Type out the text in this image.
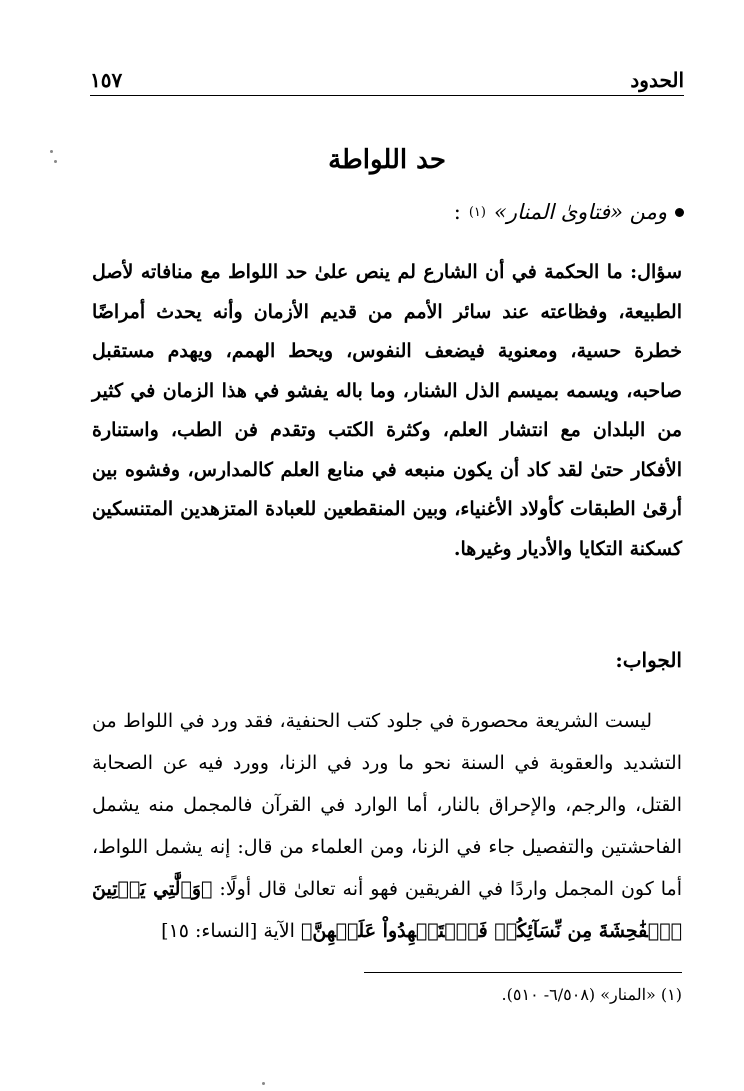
الحدود
١٥٧
حد اللواطة
ومن «فتاوىٰ المنار»
(١)
:
سؤال: ما الحكمة في أن الشارع لم ينص علىٰ حد اللواط مع منافاته لأصل الطبيعة، وفظاعته عند سائر الأمم من قديم الأزمان وأنه يحدث أمراضًا خطرة حسية، ومعنوية فيضعف النفوس، ويحط الهمم، ويهدم مستقبل صاحبه، ويسمه بميسم الذل الشنار، وما باله يفشو في هذا الزمان في كثير من البلدان مع انتشار العلم، وكثرة الكتب وتقدم فن الطب، واستنارة الأفكار حتىٰ لقد كاد أن يكون منبعه في منابع العلم كالمدارس، وفشوه بين أرقىٰ الطبقات كأولاد الأغنياء، وبين المنقطعين للعبادة المتزهدين المتنسكين كسكنة التكايا والأديار وغيرها.
الجواب:
ليست الشريعة محصورة في جلود كتب الحنفية، فقد ورد في اللواط من التشديد والعقوبة في السنة نحو ما ورد في الزنا، وورد فيه عن الصحابة القتل، والرجم، والإحراق بالنار، أما الوارد في القرآن فالمجمل منه يشمل الفاحشتين والتفصيل جاء في الزنا، ومن العلماء من قال: إنه يشمل اللواط، أما كون المجمل واردًا في الفريقين فهو أنه تعالىٰ قال أولًا: ﴿وَٱلَّٰتِي يَأۡتِينَ ٱلۡفَٰحِشَةَ مِن نِّسَآئِكُمۡ فَٱسۡتَشۡهِدُواْ عَلَيۡهِنَّ﴾ الآية [النساء: ١٥]
(١) «المنار» (٦/٥٠٨- ٥١٠).
